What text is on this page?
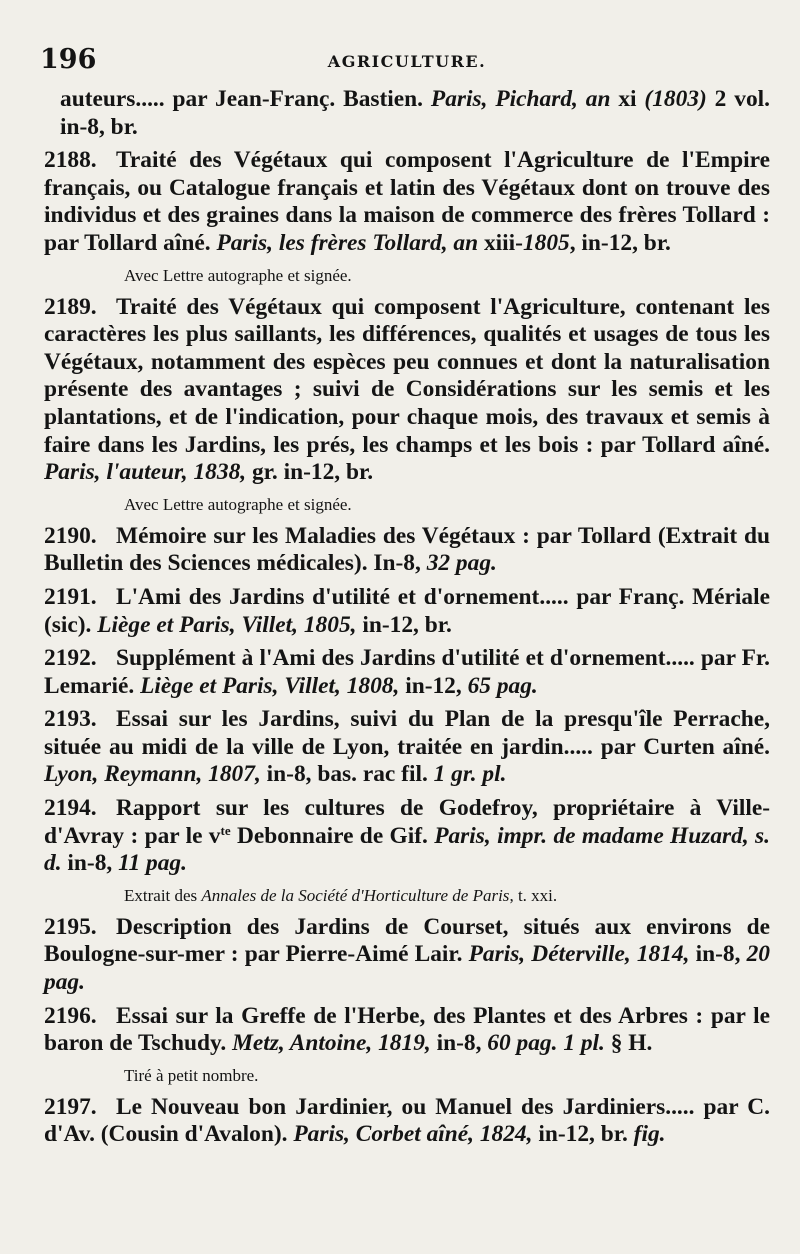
196	AGRICULTURE.
auteurs..... par Jean-Franç. Bastien. Paris, Pichard, an xi (1803) 2 vol. in-8, br.
2188. Traité des Végétaux qui composent l'Agriculture de l'Empire français, ou Catalogue français et latin des Végétaux dont on trouve des individus et des graines dans la maison de commerce des frères Tollard : par Tollard aîné. Paris, les frères Tollard, an xiii-1805, in-12, br.
Avec Lettre autographe et signée.
2189. Traité des Végétaux qui composent l'Agriculture, contenant les caractères les plus saillants, les différences, qualités et usages de tous les Végétaux, notamment des espèces peu connues et dont la naturalisation présente des avantages ; suivi de Considérations sur les semis et les plantations, et de l'indication, pour chaque mois, des travaux et semis à faire dans les Jardins, les prés, les champs et les bois : par Tollard aîné. Paris, l'auteur, 1838, gr. in-12, br.
Avec Lettre autographe et signée.
2190. Mémoire sur les Maladies des Végétaux : par Tollard (Extrait du Bulletin des Sciences médicales). In-8, 32 pag.
2191. L'Ami des Jardins d'utilité et d'ornement..... par Franç. Mériale (sic). Liège et Paris, Villet, 1805, in-12, br.
2192. Supplément à l'Ami des Jardins d'utilité et d'ornement..... par Fr. Lemarié. Liège et Paris, Villet, 1808, in-12, 65 pag.
2193. Essai sur les Jardins, suivi du Plan de la presqu'île Perrache, située au midi de la ville de Lyon, traitée en jardin..... par Curten aîné. Lyon, Reymann, 1807, in-8, bas. rac fil. 1 gr. pl.
2194. Rapport sur les cultures de Godefroy, propriétaire à Ville-d'Avray : par le $v^{te}$ Debonnaire de Gif. Paris, impr. de madame Huzard, s. d. in-8, 11 pag.
Extrait des Annales de la Société d'Horticulture de Paris, t. xxi.
2195. Description des Jardins de Courset, situés aux environs de Boulogne-sur-mer : par Pierre-Aimé Lair. Paris, Déterville, 1814, in-8, 20 pag.
2196. Essai sur la Greffe de l'Herbe, des Plantes et des Arbres : par le baron de Tschudy. Metz, Antoine, 1819, in-8, 60 pag. 1 pl. § H.
Tiré à petit nombre.
2197. Le Nouveau bon Jardinier, ou Manuel des Jardiniers..... par C. d'Av. (Cousin d'Avalon). Paris, Corbet aîné, 1824, in-12, br. fig.
